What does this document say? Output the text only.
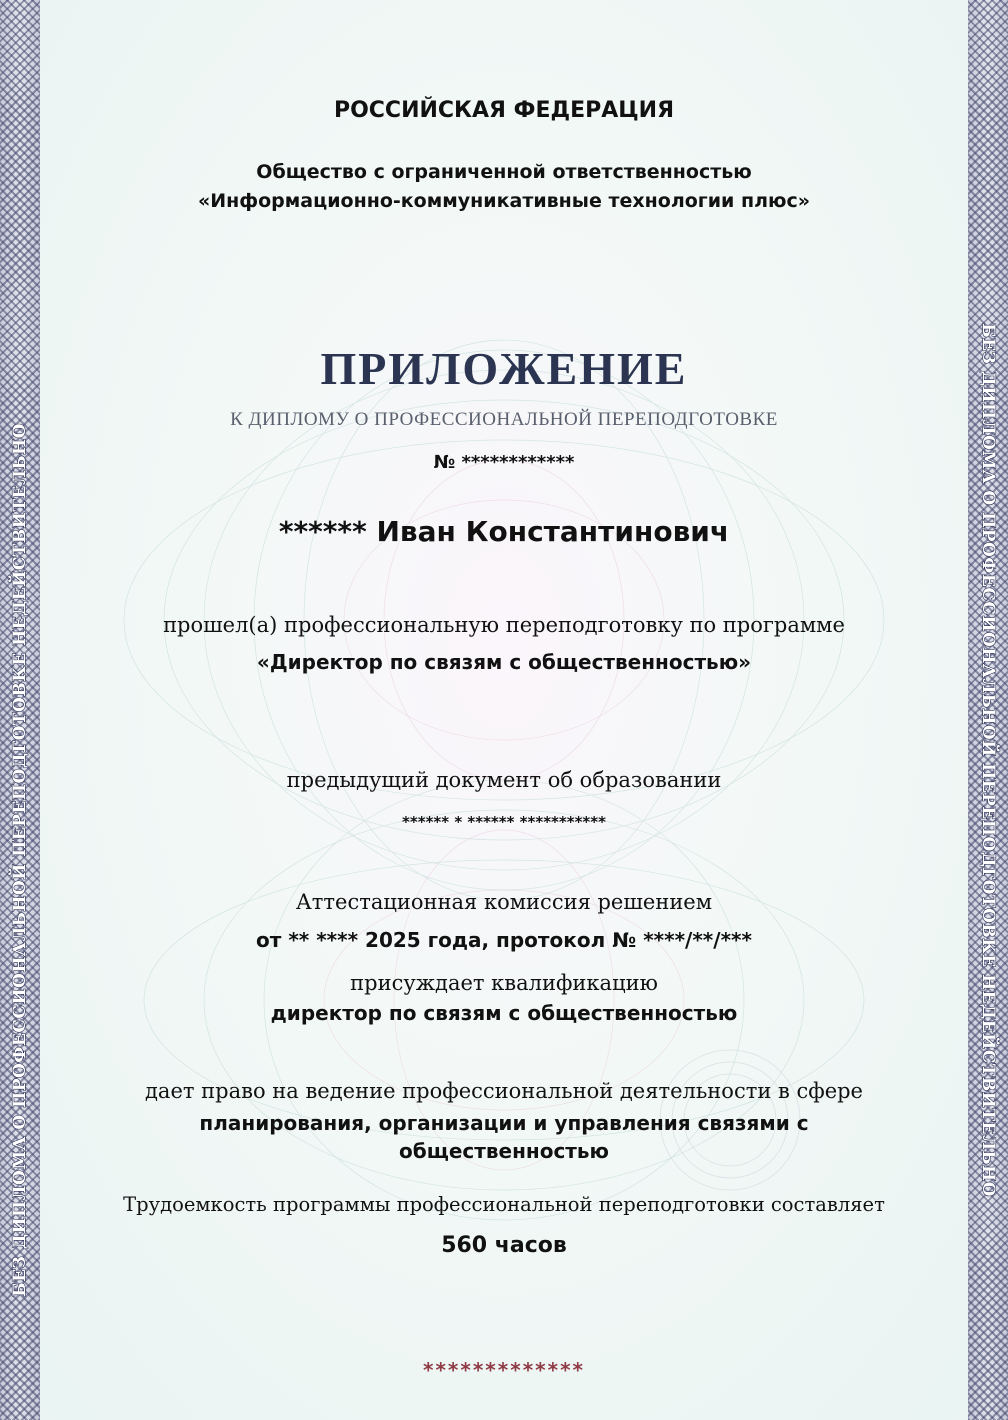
БЕЗ ДИПЛОМА О ПРОФЕССИОНАЛЬНОЙ ПЕРЕПОДГОТОВКЕ НЕДЕЙСТВИТЕЛЬНО	БЕЗ ДИПЛОМА О ПРОФЕССИОНАЛЬНОЙ ПЕРЕПОДГОТОВКЕ НЕДЕЙСТВИТЕЛЬНО

РОССИЙСКАЯ ФЕДЕРАЦИЯ

Общество с ограниченной ответственностью

«Информационно-коммуникативные технологии плюс»

ПРИЛОЖЕНИЕ

К ДИПЛОМУ О ПРОФЕССИОНАЛЬНОЙ ПЕРЕПОДГОТОВКЕ

№ ************

****** Иван Константинович

прошел(а) профессиональную переподготовку по программе

«Директор по связям с общественностью»

предыдущий документ об образовании

****** * ****** ***********

Аттестационная комиссия решением

от ** **** 2025 года, протокол № ****/**/***

присуждает квалификацию

директор по связям с общественностью

дает право на ведение профессиональной деятельности в сфере

планирования, организации и управления связями с

общественностью

Трудоемкость программы профессиональной переподготовки составляет

560 часов

*************
